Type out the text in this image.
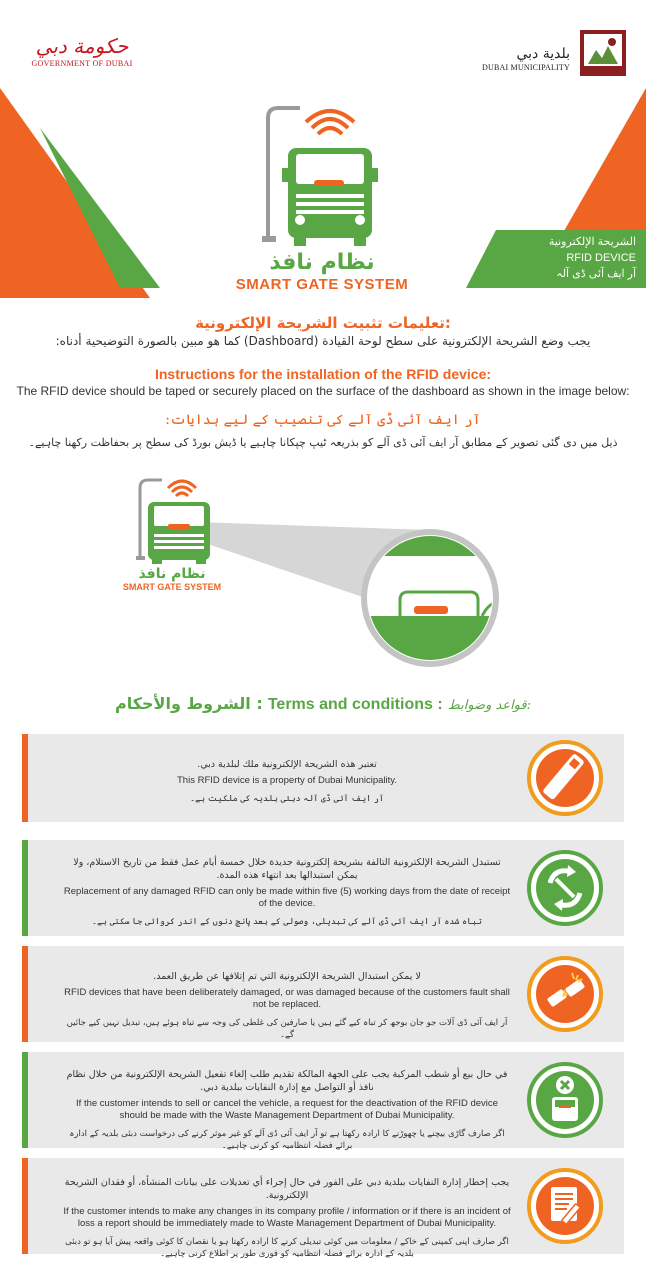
حكومة دبي
GOVERNMENT OF DUBAI
بلدية دبي
DUBAI MUNICIPALITY
نظام نافذ
SMART GATE SYSTEM
الشريحة الإلكترونية
RFID DEVICE
آر ایف آئی ڈی آلہ
تعليمات تثبيت الشريحة الإلكترونية:
يجب وضع الشريحة الإلكترونية على سطح لوحة القيادة (Dashboard) كما هو مبين بالصورة التوضيحية أدناه:
Instructions for the installation of the RFID device:
The RFID device should be taped or securely placed on the surface of the dashboard as shown in the image below:
آر ایف آئی ڈی آلے کی تنصیب کے لیے ہدایات:
ذیل میں دی گئی تصویر کے مطابق آر ایف آئی ڈی آلے کو بذریعہ ٹیپ چپکانا چاہیے یا ڈیش بورڈ کی سطح پر بحفاظت رکھنا چاہیے۔
نظام نافذ
SMART GATE SYSTEM
الشروط والأحكام : Terms and conditions : قواعد وضوابط:
تعتبر هذه الشريحة الإلكترونية ملك لبلدية دبي.
This RFID device is a property of Dubai Municipality.
آر ایف آئی ڈی آلہ دبئی بلدیہ کی ملکیت ہے۔
تستبدل الشريحة الإلكترونية التالفة بشريحة إلكترونية جديدة خلال خمسة أيام عمل فقط من تاريخ الاستلام، ولا يمكن استبدالها بعد انتهاء هذه المدة.
Replacement of any damaged RFID can only be made within five (5) working days from the date of receipt of the device.
تباہ شدہ آر ایف آئی ڈی آلے کی تبدیلی، وصولی کے بعد پانچ دنوں کے اندر کروائی جا سکتی ہے۔
لا يمكن استبدال الشريحة الإلكترونية التي تم إتلافها عن طريق العمد.
RFID devices that have been deliberately damaged, or was damaged because of the customers fault shall not be replaced.
آر ایف آئی ڈی آلات جو جان بوجھ کر تباہ کیے گئے ہیں یا صارفین کی غلطی کی وجہ سے تباہ ہوئے ہیں، تبدیل نہیں کیے جائیں گے۔
في حال بيع أو شطب المركبة يجب على الجهة المالكة تقديم طلب إلغاء تفعيل الشريحة الإلكترونية من خلال نظام نافذ أو التواصل مع إدارة النفايات ببلدية دبي.
If the customer intends to sell or cancel the vehicle, a request for the deactivation of the RFID device should be made with the Waste Management Department of Dubai Municipality.
اگر صارف گاڑی بیچنے یا چھوڑنے کا ارادہ رکھتا ہے تو آر ایف آئی ڈی آلے کو غیر موثر کرنے کی درخواست دبئی بلدیہ کے ادارہ برائے فضلہ انتظامیہ کو کرنی چاہیے۔
يجب إخطار إدارة النفايات ببلدية دبي على الفور في حال إجراء أي تعديلات على بيانات المنشأة، أو فقدان الشريحة الإلكترونية.
If the customer intends to make any changes in its company profile / information or if there is an incident of loss a report should be immediately made to Waste Management Department of Dubai Municipality.
اگر صارف اپنی کمپنی کے خاکے / معلومات میں کوئی تبدیلی کرنے کا ارادہ رکھتا ہو یا نقصان کا کوئی واقعہ پیش آیا ہو تو دبئی بلدیہ کے ادارہ برائے فضلہ انتظامیہ کو فوری طور پر اطلاع کرنی چاہیے۔
